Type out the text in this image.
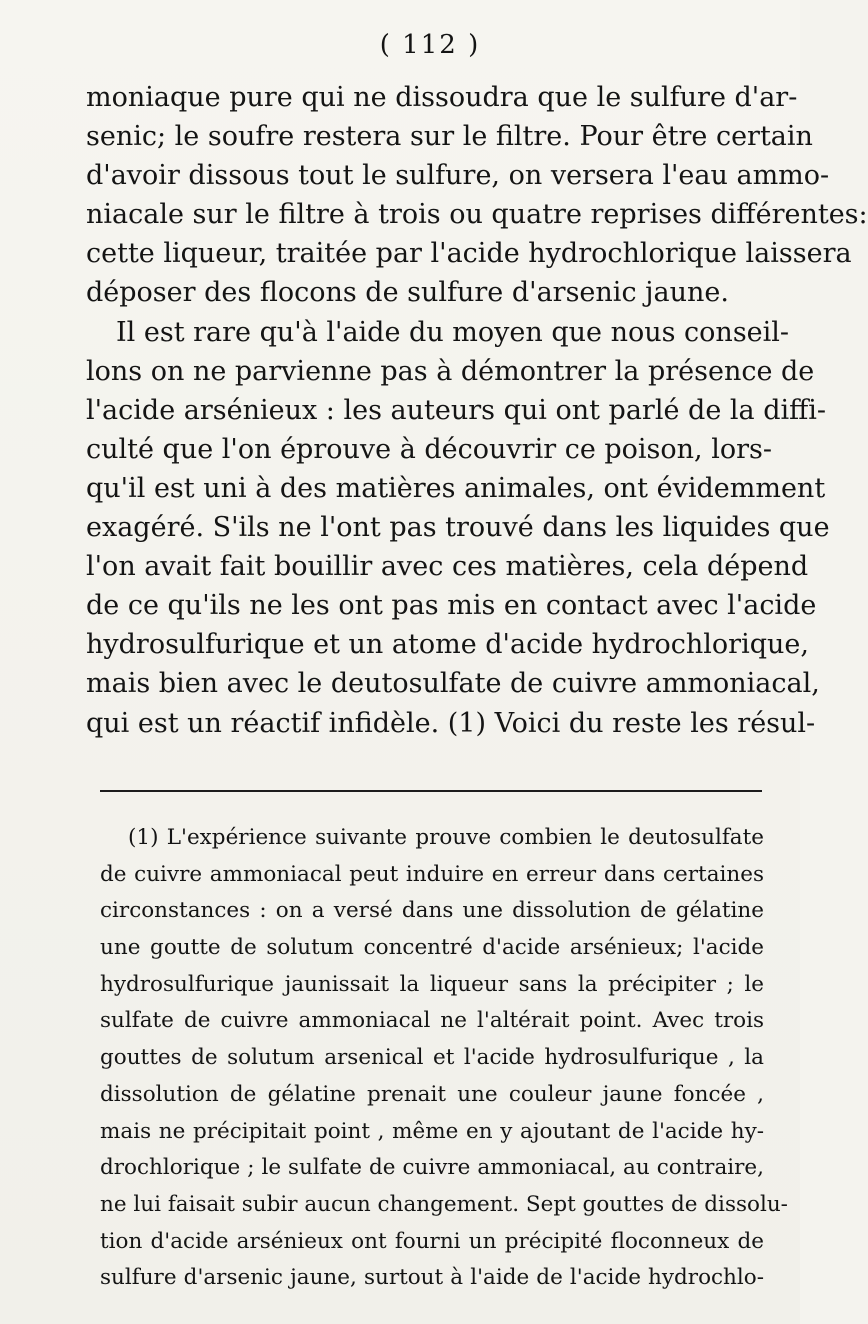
( 112 )
moniaque pure qui ne dissoudra que le sulfure d'ar-
senic; le soufre restera sur le filtre. Pour être certain
d'avoir dissous tout le sulfure, on versera l'eau ammo-
niacale sur le filtre à trois ou quatre reprises différentes:
cette liqueur, traitée par l'acide hydrochlorique laissera
déposer des flocons de sulfure d'arsenic jaune.
Il est rare qu'à l'aide du moyen que nous conseil-
lons on ne parvienne pas à démontrer la présence de
l'acide arsénieux : les auteurs qui ont parlé de la diffi-
culté que l'on éprouve à découvrir ce poison, lors-
qu'il est uni à des matières animales, ont évidemment
exagéré. S'ils ne l'ont pas trouvé dans les liquides que
l'on avait fait bouillir avec ces matières, cela dépend
de ce qu'ils ne les ont pas mis en contact avec l'acide
hydrosulfurique et un atome d'acide hydrochlorique,
mais bien avec le deutosulfate de cuivre ammoniacal,
qui est un réactif infidèle. (1) Voici du reste les résul-
(1) L'expérience suivante prouve combien le deutosulfate
de cuivre ammoniacal peut induire en erreur dans certaines
circonstances : on a versé dans une dissolution de gélatine
une goutte de solutum concentré d'acide arsénieux; l'acide
hydrosulfurique jaunissait la liqueur sans la précipiter ; le
sulfate de cuivre ammoniacal ne l'altérait point. Avec trois
gouttes de solutum arsenical et l'acide hydrosulfurique , la
dissolution de gélatine prenait une couleur jaune foncée ,
mais ne précipitait point , même en y ajoutant de l'acide hy-
drochlorique ; le sulfate de cuivre ammoniacal, au contraire,
ne lui faisait subir aucun changement. Sept gouttes de dissolu-
tion d'acide arsénieux ont fourni un précipité floconneux de
sulfure d'arsenic jaune, surtout à l'aide de l'acide hydrochlo-
